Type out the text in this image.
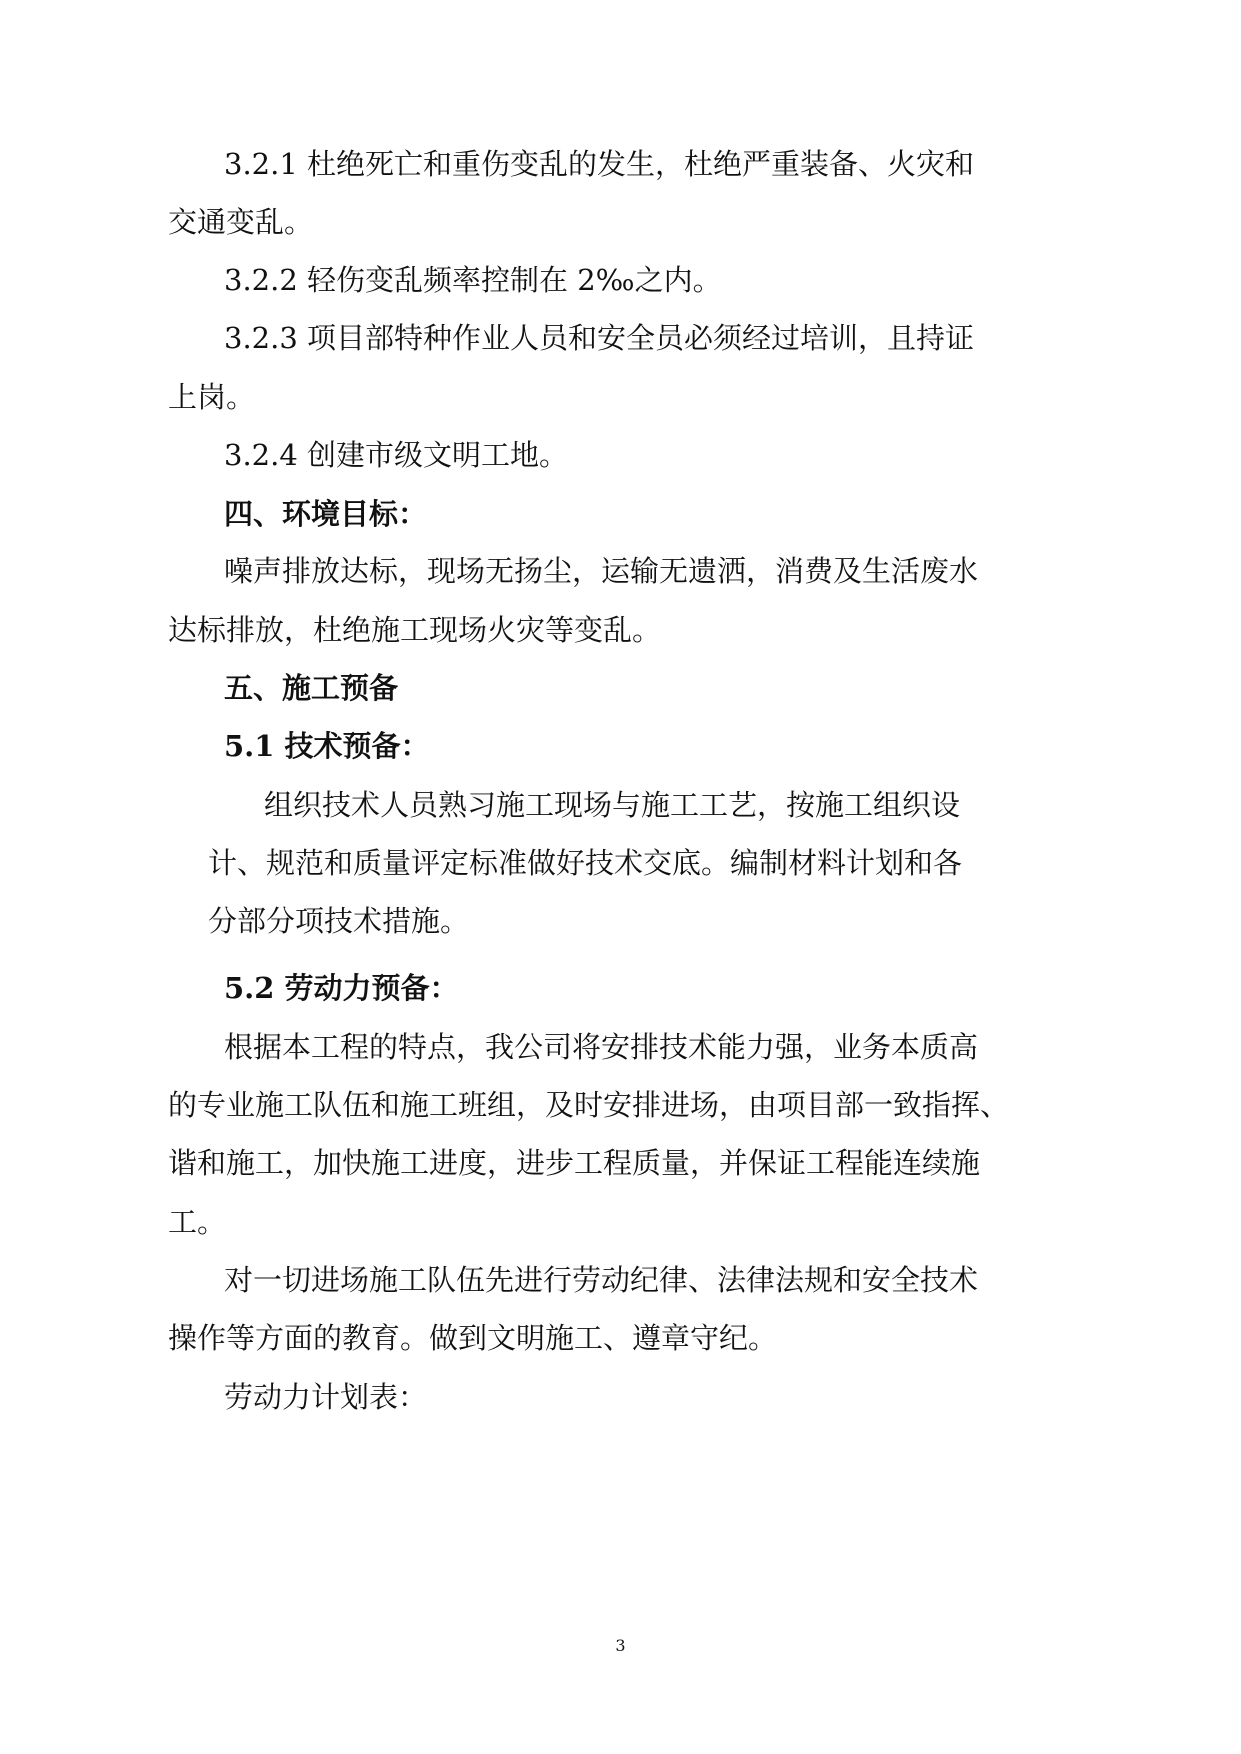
3.2.1 杜绝死亡和重伤变乱的发生，杜绝严重装备、火灾和
交通变乱。
3.2.2 轻伤变乱频率控制在 2‰之内。
3.2.3 项目部特种作业人员和安全员必须经过培训，且持证
上岗。
3.2.4 创建市级文明工地。
四、环境目标：
噪声排放达标，现场无扬尘，运输无遗洒，消费及生活废水
达标排放，杜绝施工现场火灾等变乱。
五、施工预备
5.1 技术预备：
组织技术人员熟习施工现场与施工工艺，按施工组织设
计、规范和质量评定标准做好技术交底。编制材料计划和各
分部分项技术措施。
5.2 劳动力预备：
根据本工程的特点，我公司将安排技术能力强，业务本质高
的专业施工队伍和施工班组，及时安排进场，由项目部一致指挥、
谐和施工，加快施工进度，进步工程质量，并保证工程能连续施
工。
对一切进场施工队伍先进行劳动纪律、法律法规和安全技术
操作等方面的教育。做到文明施工、遵章守纪。
劳动力计划表：
3
